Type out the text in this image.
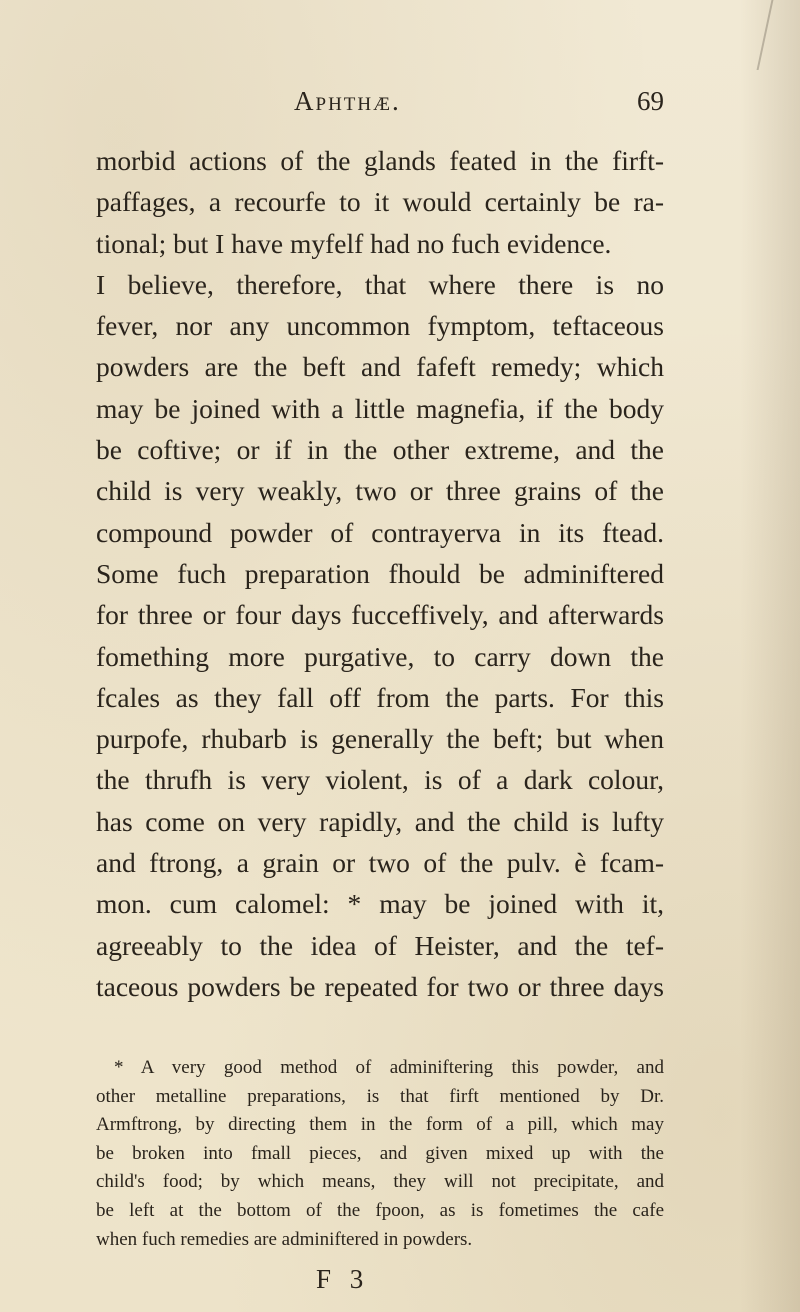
Aphthæ.	69
morbid actions of the glands feated in the firft-
paffages, a recourfe to it would certainly be ra-
tional; but I have myfelf had no fuch evidence.
I believe, therefore, that where there is no
fever, nor any uncommon fymptom, teftaceous
powders are the beft and fafeft remedy; which
may be joined with a little magnefia, if the body
be coftive; or if in the other extreme, and the
child is very weakly, two or three grains of the
compound powder of contrayerva in its ftead.
Some fuch preparation fhould be adminiftered
for three or four days fucceffively, and afterwards
fomething more purgative, to carry down the
fcales as they fall off from the parts. For this
purpofe, rhubarb is generally the beft; but when
the thrufh is very violent, is of a dark colour,
has come on very rapidly, and the child is lufty
and ftrong, a grain or two of the pulv. è fcam-
mon. cum calomel: * may be joined with it,
agreeably to the idea of Heister, and the tef-
taceous powders be repeated for two or three days
* A very good method of adminiftering this powder, and
other metalline preparations, is that firft mentioned by Dr.
Armftrong, by directing them in the form of a pill, which may
be broken into fmall pieces, and given mixed up with the
child's food; by which means, they will not precipitate, and
be left at the bottom of the fpoon, as is fometimes the cafe
when fuch remedies are adminiftered in powders.
F 3
